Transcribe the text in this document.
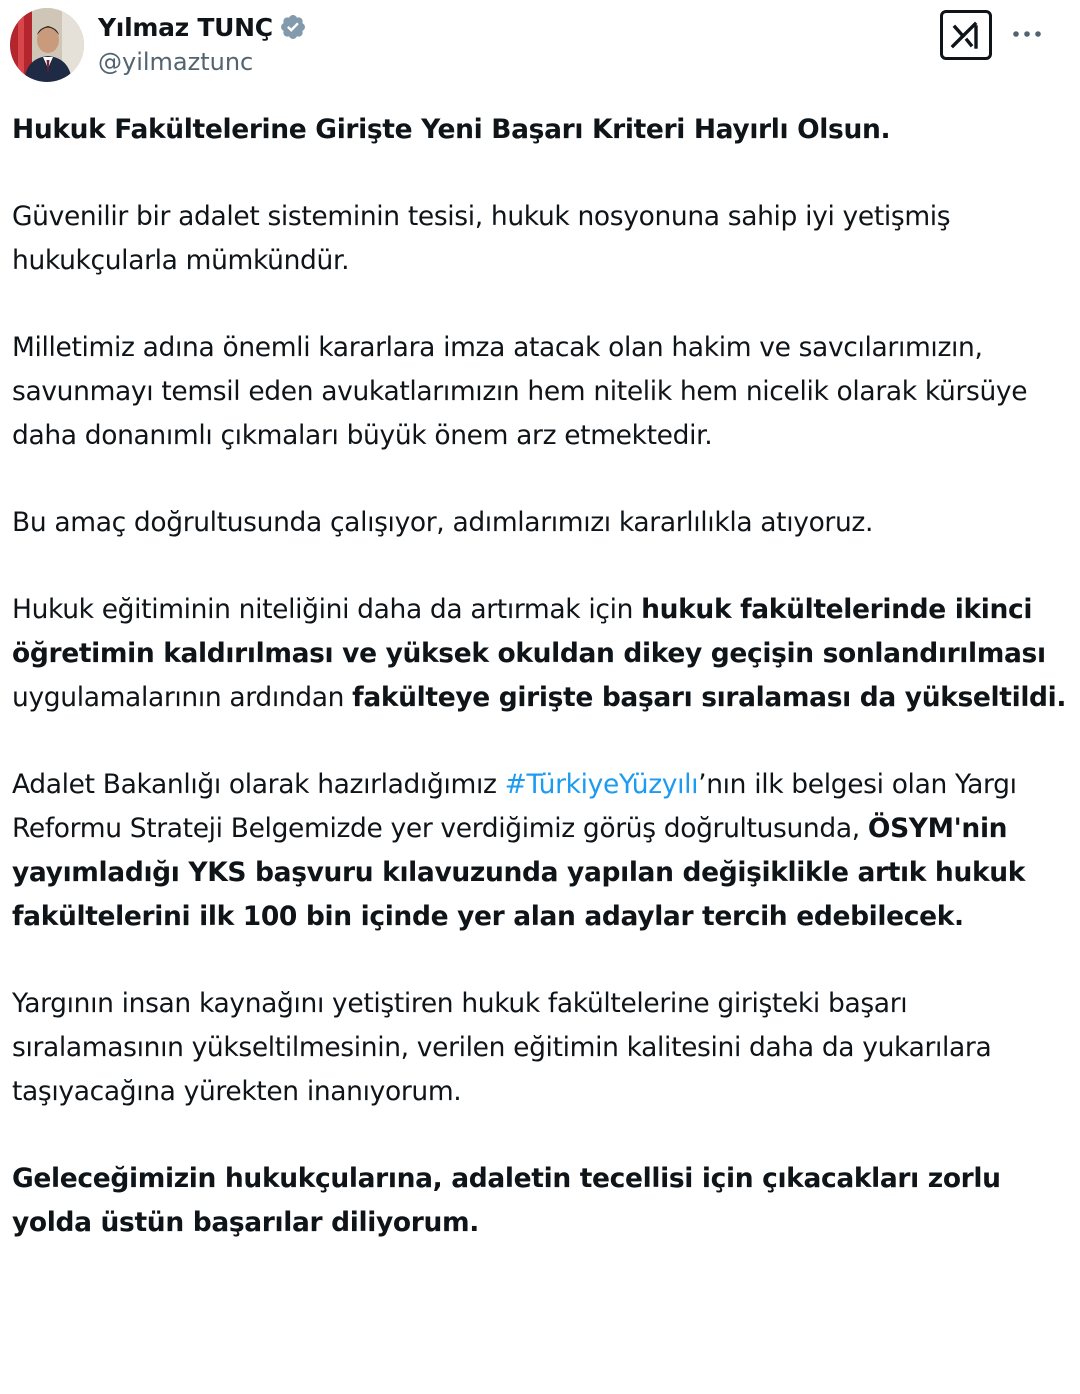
Yılmaz TUNÇ
@yilmaztunc

Hukuk Fakültelerine Girişte Yeni Başarı Kriteri Hayırlı Olsun.

Güvenilir bir adalet sisteminin tesisi, hukuk nosyonuna sahip iyi yetişmiş hukukçularla mümkündür.

Milletimiz adına önemli kararlara imza atacak olan hakim ve savcılarımızın, savunmayı temsil eden avukatlarımızın hem nitelik hem nicelik olarak kürsüye daha donanımlı çıkmaları büyük önem arz etmektedir.

Bu amaç doğrultusunda çalışıyor, adımlarımızı kararlılıkla atıyoruz.

Hukuk eğitiminin niteliğini daha da artırmak için hukuk fakültelerinde ikinci öğretimin kaldırılması ve yüksek okuldan dikey geçişin sonlandırılması uygulamalarının ardından fakülteye girişte başarı sıralaması da yükseltildi.

Adalet Bakanlığı olarak hazırladığımız #TürkiyeYüzyılı’nın ilk belgesi olan Yargı Reformu Strateji Belgemizde yer verdiğimiz görüş doğrultusunda, ÖSYM'nin yayımladığı YKS başvuru kılavuzunda yapılan değişiklikle artık hukuk fakültelerini ilk 100 bin içinde yer alan adaylar tercih edebilecek.

Yargının insan kaynağını yetiştiren hukuk fakültelerine girişteki başarı sıralamasının yükseltilmesinin, verilen eğitimin kalitesini daha da yukarılara taşıyacağına yürekten inanıyorum.

Geleceğimizin hukukçularına, adaletin tecellisi için çıkacakları zorlu yolda üstün başarılar diliyorum.
